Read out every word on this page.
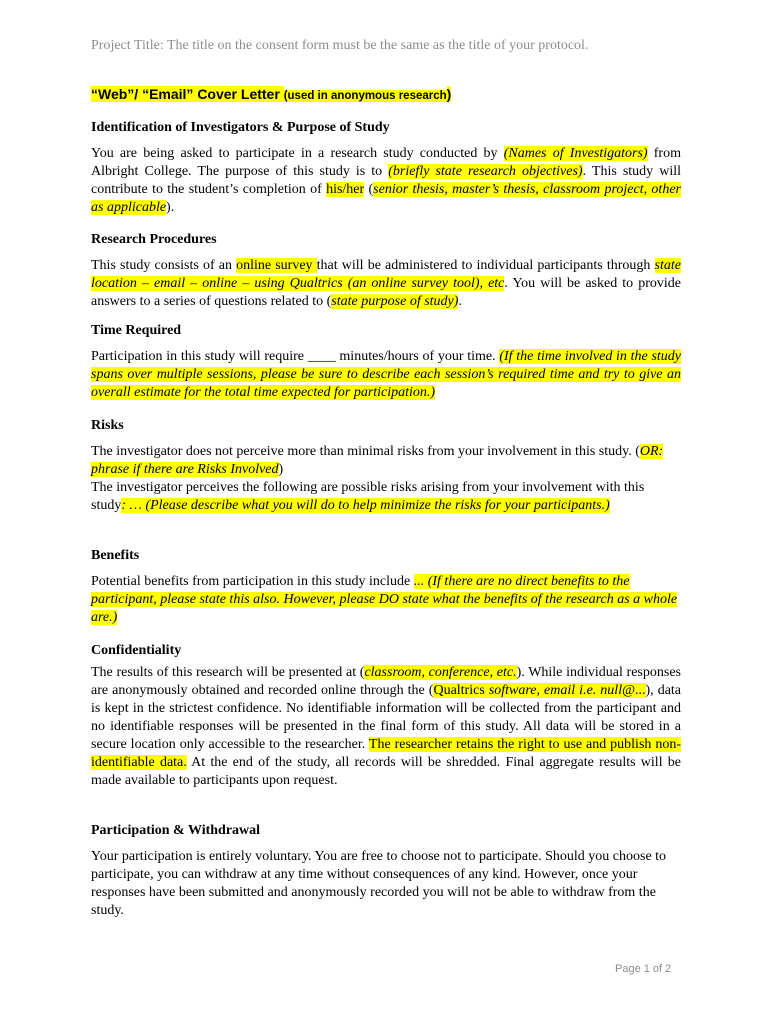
Project Title: The title on the consent form must be the same as the title of your protocol.
“Web”/ “Email” Cover Letter (used in anonymous research)
Identification of Investigators & Purpose of Study

You are being asked to participate in a research study conducted by (Names of Investigators) from Albright College. The purpose of this study is to (briefly state research objectives). This study will contribute to the student’s completion of his/her (senior thesis, master’s thesis, classroom project, other as applicable).

Research Procedures

This study consists of an online survey that will be administered to individual participants through state location – email – online – using Qualtrics (an online survey tool), etc. You will be asked to provide answers to a series of questions related to (state purpose of study).

Time Required

Participation in this study will require ____ minutes/hours of your time. (If the time involved in the study spans over multiple sessions, please be sure to describe each session’s required time and try to give an overall estimate for the total time expected for participation.)

Risks

The investigator does not perceive more than minimal risks from your involvement in this study. (OR: phrase if there are Risks Involved)
The investigator perceives the following are possible risks arising from your involvement with this study: … (Please describe what you will do to help minimize the risks for your participants.)

Benefits

Potential benefits from participation in this study include ... (If there are no direct benefits to the participant, please state this also. However, please DO state what the benefits of the research as a whole are.)

Confidentiality

The results of this research will be presented at (classroom, conference, etc.). While individual responses are anonymously obtained and recorded online through the (Qualtrics software, email i.e. null@...), data is kept in the strictest confidence. No identifiable information will be collected from the participant and no identifiable responses will be presented in the final form of this study. All data will be stored in a secure location only accessible to the researcher. The researcher retains the right to use and publish non-identifiable data. At the end of the study, all records will be shredded. Final aggregate results will be made available to participants upon request.

Participation & Withdrawal

Your participation is entirely voluntary. You are free to choose not to participate. Should you choose to participate, you can withdraw at any time without consequences of any kind. However, once your responses have been submitted and anonymously recorded you will not be able to withdraw from the study.

Page 1 of 2
